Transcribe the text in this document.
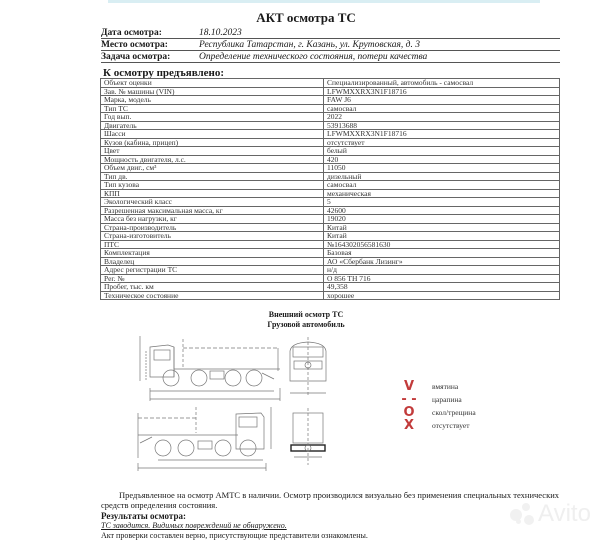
АКТ осмотра ТС
Дата осмотра:	18.10.2023
Место осмотра:	Республика Татарстан, г. Казань, ул. Крутовская, д. 3
Задача осмотра:	Определение технического состояния, потери качества
К осмотру предъявлено:
Объект оценки	Специализированный, автомобиль - самосвал
Зав. № машины (VIN)	LFWMXXRX3N1F18716
Марка, модель	FAW J6
Тип ТС	самосвал
Год вып.	2022
Двигатель	53913688
Шасси	LFWMXXRX3N1F18716
Кузов (кабина, прицеп)	отсутствует
Цвет	белый
Мощность двигателя, л.с.	420
Объем двиг., см³	11050
Тип дв.	дизельный
Тип кузова	самосвал
КПП	механическая
Экологический класс	5
Разрешенная максимальная масса, кг	42600
Масса без нагрузки, кг	19020
Страна-производитель	Китай
Страна-изготовитель	Китай
ПТС	№164302056581630
Комплектация	Базовая
Владелец	АО «Сбербанк Лизинг»
Адрес регистрации ТС	н/д
Рег. №	О 856 ТН 716
Пробег, тыс. км	49,358
Техническое состояние	хорошее
Внешний осмотр ТС
Грузовой автомобиль
V	вмятина
- -	царапина
O	скол/трещина
X	отсутствует
Предъявленное на осмотр АМТС в наличии. Осмотр производился визуально без применения специальных технических средств определения состояния.
Результаты осмотра:
ТС заводится. Видимых повреждений не обнаружено.
Акт проверки составлен верно, присутствующие представители ознакомлены.
Avito
